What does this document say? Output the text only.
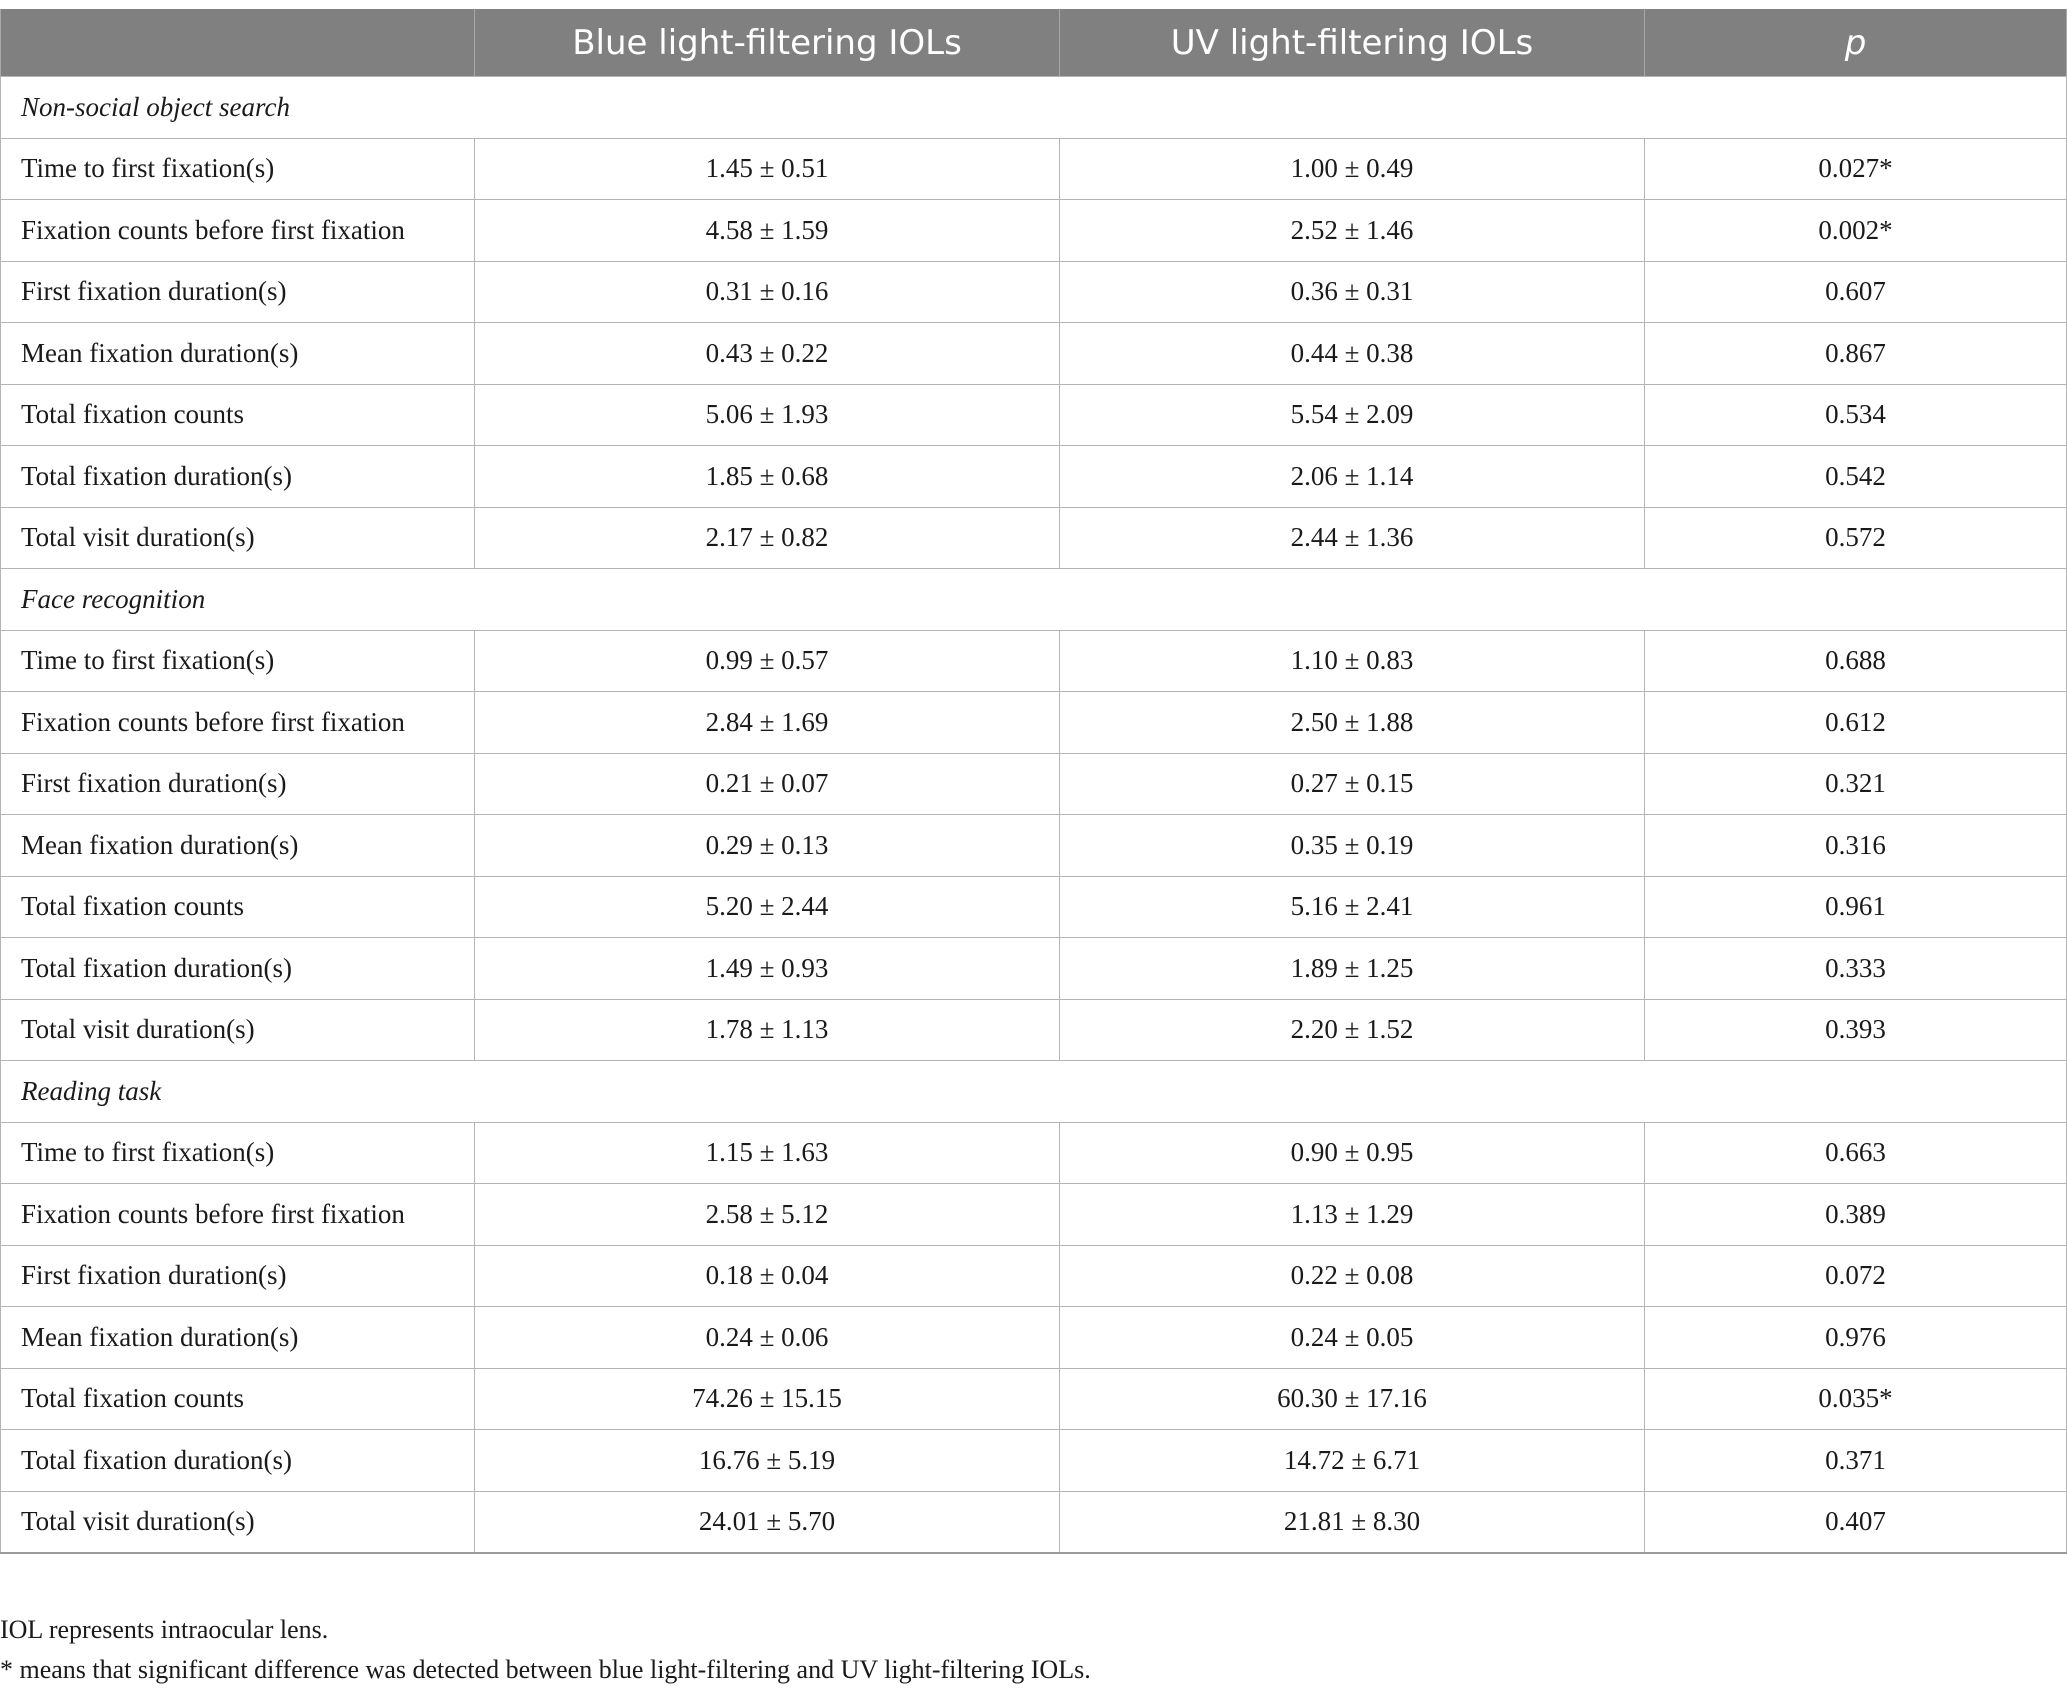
	Blue light-filtering IOLs	UV light-filtering IOLs	p
Non-social object search			
Time to first fixation(s)	1.45 ± 0.51	1.00 ± 0.49	0.027*
Fixation counts before first fixation	4.58 ± 1.59	2.52 ± 1.46	0.002*
First fixation duration(s)	0.31 ± 0.16	0.36 ± 0.31	0.607
Mean fixation duration(s)	0.43 ± 0.22	0.44 ± 0.38	0.867
Total fixation counts	5.06 ± 1.93	5.54 ± 2.09	0.534
Total fixation duration(s)	1.85 ± 0.68	2.06 ± 1.14	0.542
Total visit duration(s)	2.17 ± 0.82	2.44 ± 1.36	0.572
Face recognition			
Time to first fixation(s)	0.99 ± 0.57	1.10 ± 0.83	0.688
Fixation counts before first fixation	2.84 ± 1.69	2.50 ± 1.88	0.612
First fixation duration(s)	0.21 ± 0.07	0.27 ± 0.15	0.321
Mean fixation duration(s)	0.29 ± 0.13	0.35 ± 0.19	0.316
Total fixation counts	5.20 ± 2.44	5.16 ± 2.41	0.961
Total fixation duration(s)	1.49 ± 0.93	1.89 ± 1.25	0.333
Total visit duration(s)	1.78 ± 1.13	2.20 ± 1.52	0.393
Reading task			
Time to first fixation(s)	1.15 ± 1.63	0.90 ± 0.95	0.663
Fixation counts before first fixation	2.58 ± 5.12	1.13 ± 1.29	0.389
First fixation duration(s)	0.18 ± 0.04	0.22 ± 0.08	0.072
Mean fixation duration(s)	0.24 ± 0.06	0.24 ± 0.05	0.976
Total fixation counts	74.26 ± 15.15	60.30 ± 17.16	0.035*
Total fixation duration(s)	16.76 ± 5.19	14.72 ± 6.71	0.371
Total visit duration(s)	24.01 ± 5.70	21.81 ± 8.30	0.407
IOL represents intraocular lens.
* means that significant difference was detected between blue light-filtering and UV light-filtering IOLs.
